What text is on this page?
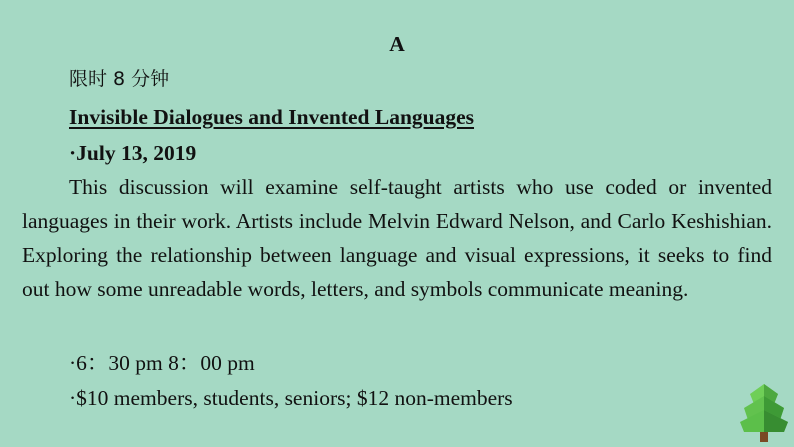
A
限时 8 分钟
Invisible Dialogues and Invented Languages
·July 13, 2019
This discussion will examine self-taught artists who use coded or invented languages in their work. Artists include Melvin Edward Nelson, and Carlo Keshishian. Exploring the relationship between language and visual expressions, it seeks to find out how some unreadable words, letters, and symbols communicate meaning.
·6：30 pm 8：00 pm
·$10 members, students, seniors; $12 non-members
